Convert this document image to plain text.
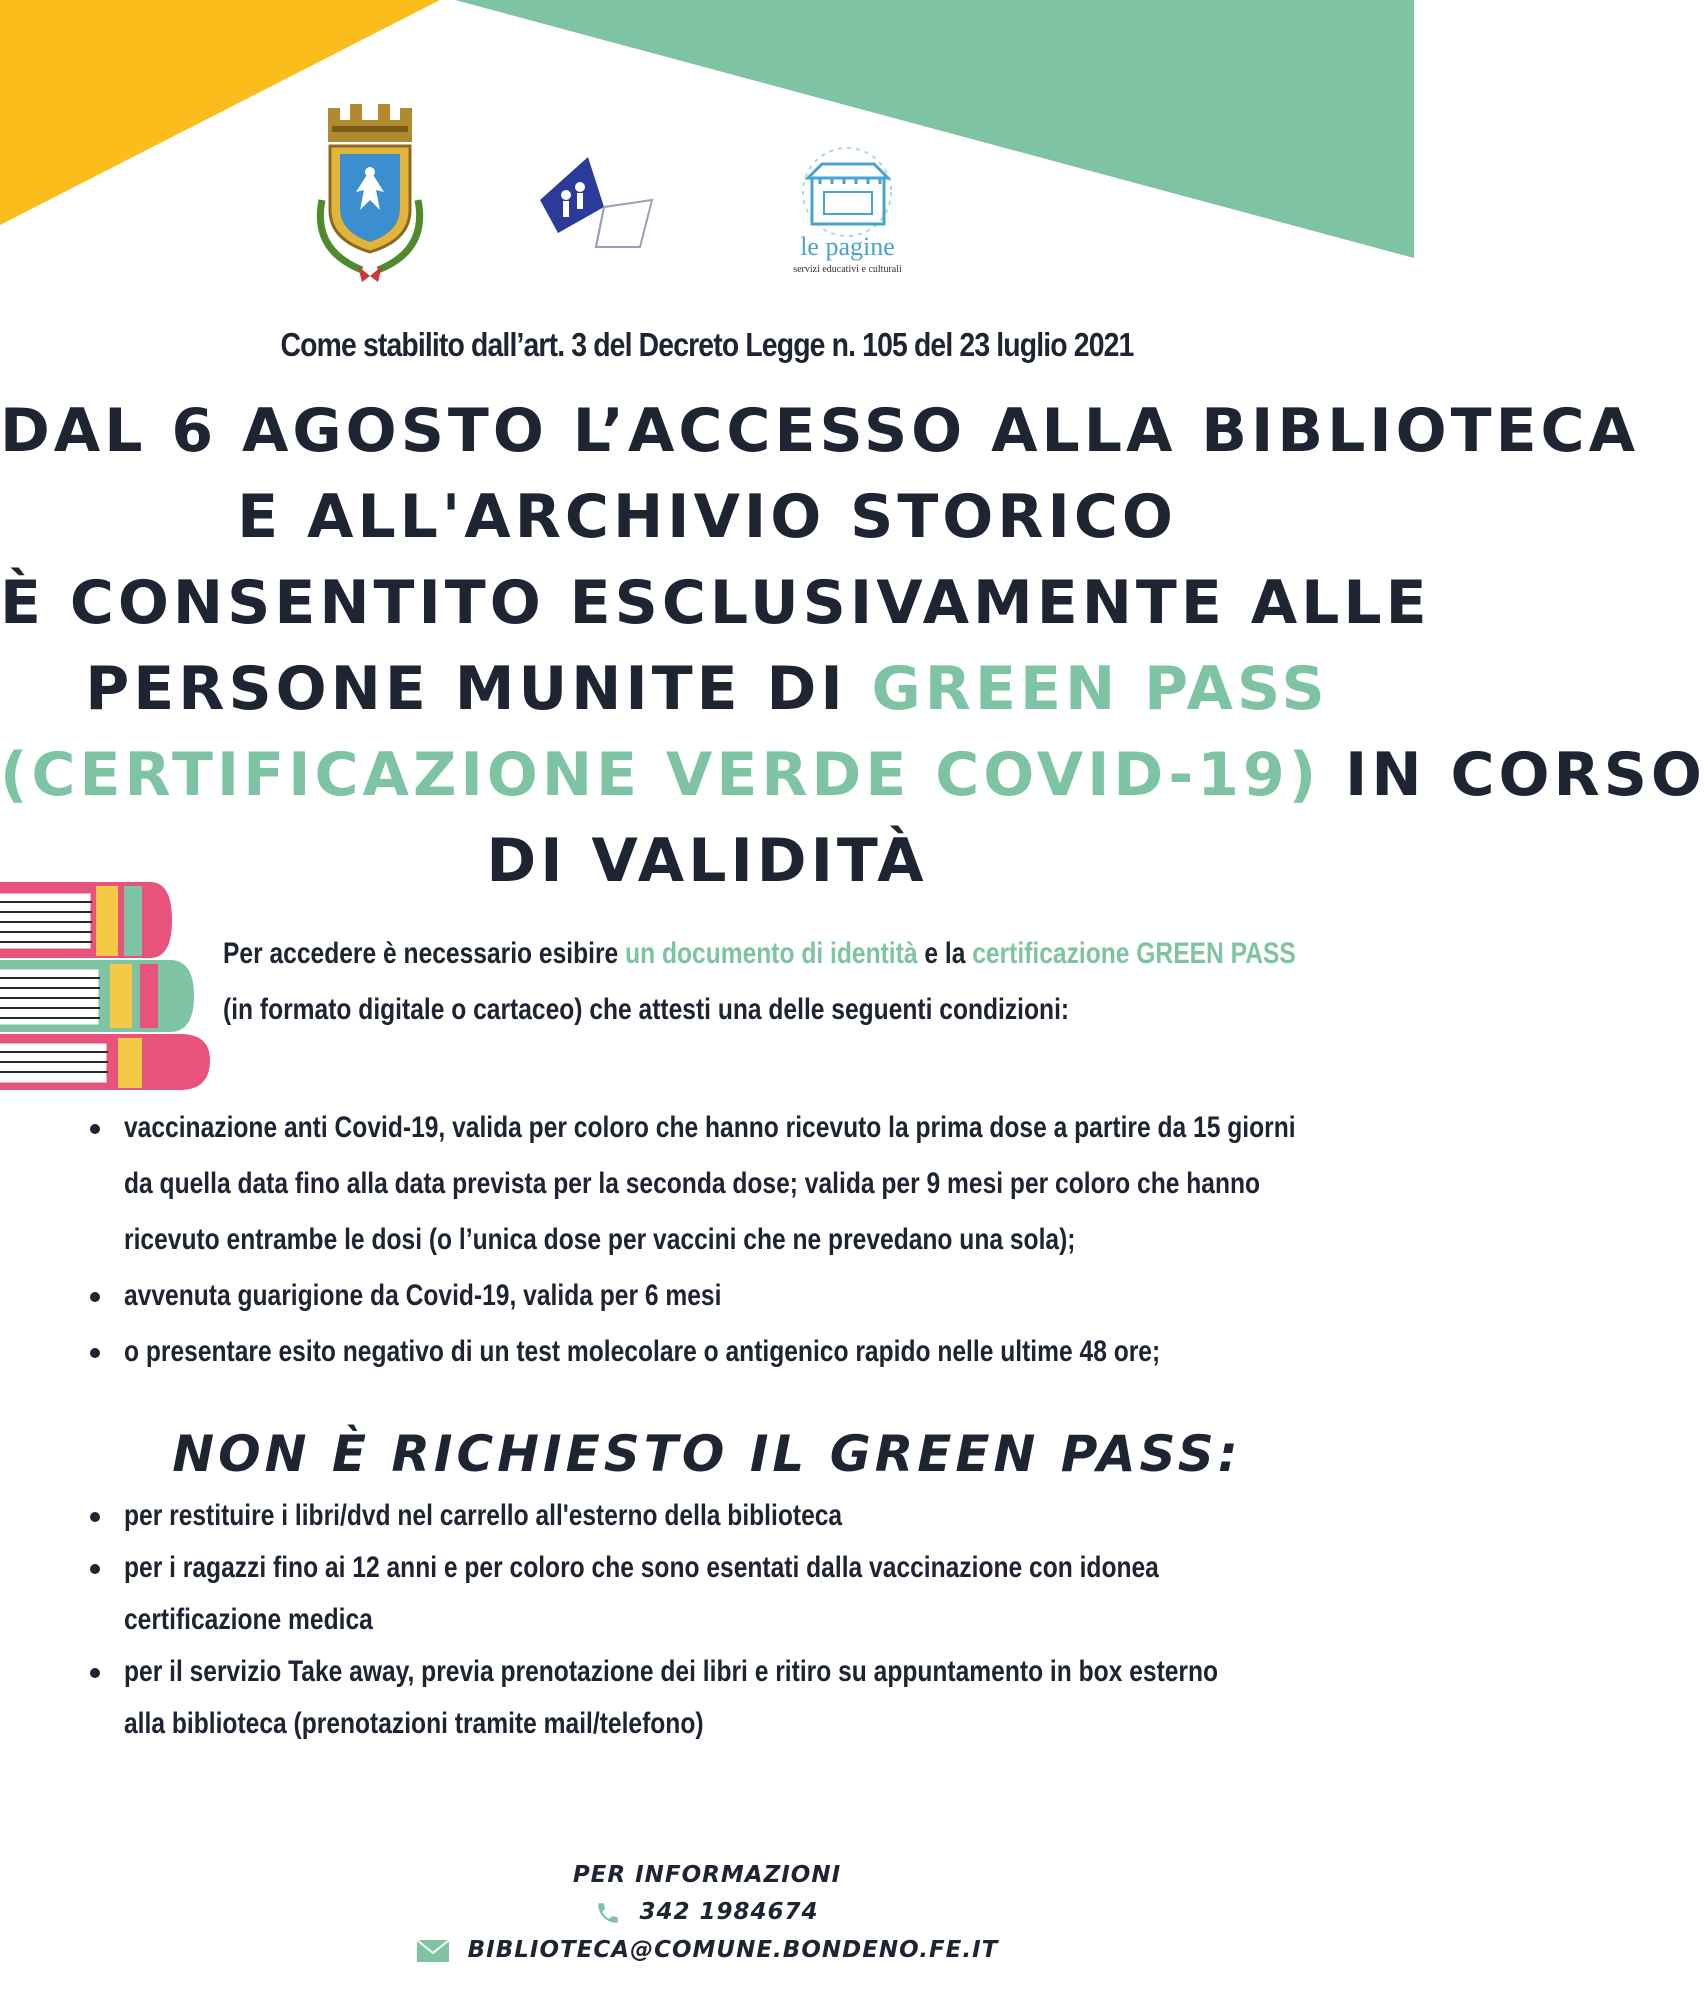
le pagine
servizi educativi e culturali
Come stabilito dall’art. 3 del Decreto Legge n. 105 del 23 luglio 2021
DAL 6 AGOSTO L’ACCESSO ALLA BIBLIOTECA
E ALL'ARCHIVIO STORICO
È CONSENTITO ESCLUSIVAMENTE ALLE
PERSONE MUNITE DI GREEN PASS
(CERTIFICAZIONE VERDE COVID-19) IN CORSO
DI VALIDITÀ
Per accedere è necessario esibire un documento di identità e la certificazione GREEN PASS
(in formato digitale o cartaceo) che attesti una delle seguenti condizioni:
vaccinazione anti Covid-19, valida per coloro che hanno ricevuto la prima dose a partire da 15 giorni
da quella data fino alla data prevista per la seconda dose; valida per 9 mesi per coloro che hanno
ricevuto entrambe le dosi (o l’unica dose per vaccini che ne prevedano una sola);
avvenuta guarigione da Covid-19, valida per 6 mesi
o presentare esito negativo di un test molecolare o antigenico rapido nelle ultime 48 ore;
NON È RICHIESTO IL GREEN PASS:
per restituire i libri/dvd nel carrello all'esterno della biblioteca
per i ragazzi fino ai 12 anni e per coloro che sono esentati dalla vaccinazione con idonea
certificazione medica
per il servizio Take away, previa prenotazione dei libri e ritiro su appuntamento in box esterno
alla biblioteca (prenotazioni tramite mail/telefono)
PER INFORMAZIONI
342 1984674
BIBLIOTECA@COMUNE.BONDENO.FE.IT
